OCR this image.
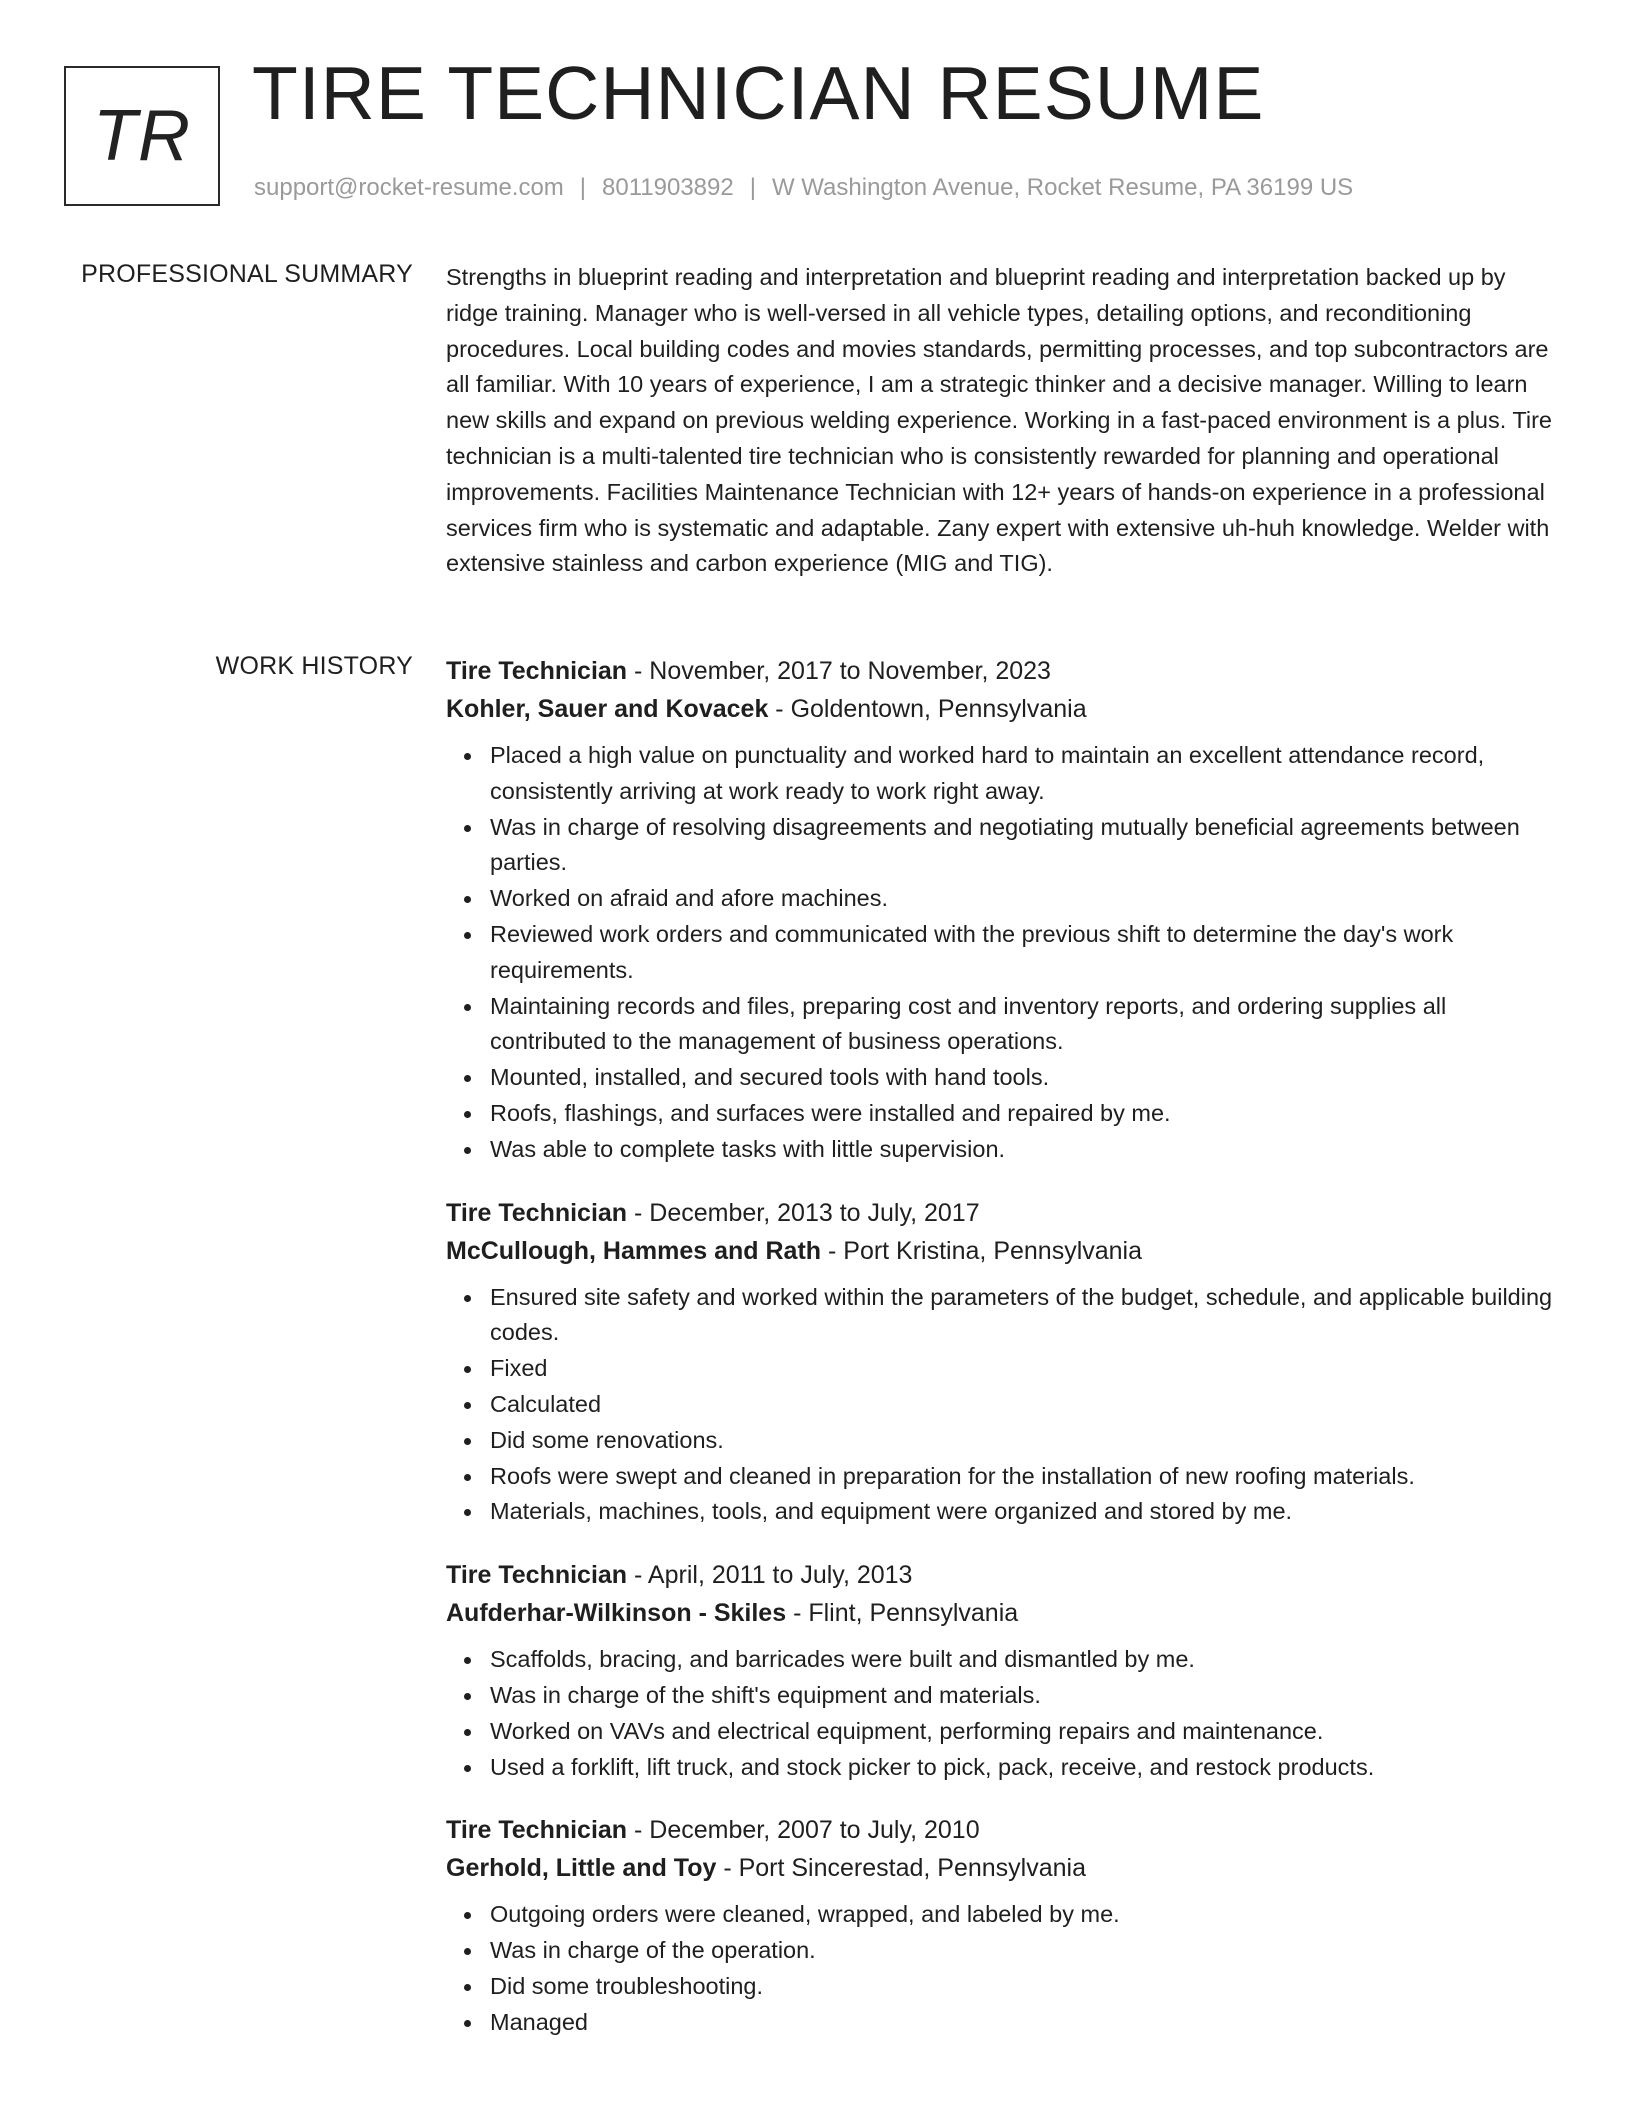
TR
TIRE TECHNICIAN RESUME
support@rocket-resume.com | 8011903892 | W Washington Avenue, Rocket Resume, PA 36199 US
PROFESSIONAL SUMMARY Strengths in blueprint reading and interpretation and blueprint reading and interpretation backed up by ridge training. Manager who is well-versed in all vehicle types, detailing options, and reconditioning procedures. Local building codes and movies standards, permitting processes, and top subcontractors are all familiar. With 10 years of experience, I am a strategic thinker and a decisive manager. Willing to learn new skills and expand on previous welding experience. Working in a fast-paced environment is a plus. Tire technician is a multi-talented tire technician who is consistently rewarded for planning and operational improvements. Facilities Maintenance Technician with 12+ years of hands-on experience in a professional services firm who is systematic and adaptable. Zany expert with extensive uh-huh knowledge. Welder with extensive stainless and carbon experience (MIG and TIG).

WORK HISTORY Tire Technician - November, 2017 to November, 2023
Kohler, Sauer and Kovacek - Goldentown, Pennsylvania
Placed a high value on punctuality and worked hard to maintain an excellent attendance record, consistently arriving at work ready to work right away.
Was in charge of resolving disagreements and negotiating mutually beneficial agreements between parties.
Worked on afraid and afore machines.
Reviewed work orders and communicated with the previous shift to determine the day's work requirements.
Maintaining records and files, preparing cost and inventory reports, and ordering supplies all contributed to the management of business operations.
Mounted, installed, and secured tools with hand tools.
Roofs, flashings, and surfaces were installed and repaired by me.
Was able to complete tasks with little supervision.
Tire Technician - December, 2013 to July, 2017
McCullough, Hammes and Rath - Port Kristina, Pennsylvania
Ensured site safety and worked within the parameters of the budget, schedule, and applicable building codes.
Fixed
Calculated
Did some renovations.
Roofs were swept and cleaned in preparation for the installation of new roofing materials.
Materials, machines, tools, and equipment were organized and stored by me.
Tire Technician - April, 2011 to July, 2013
Aufderhar-Wilkinson - Skiles - Flint, Pennsylvania
Scaffolds, bracing, and barricades were built and dismantled by me.
Was in charge of the shift's equipment and materials.
Worked on VAVs and electrical equipment, performing repairs and maintenance.
Used a forklift, lift truck, and stock picker to pick, pack, receive, and restock products.
Tire Technician - December, 2007 to July, 2010
Gerhold, Little and Toy - Port Sincerestad, Pennsylvania
Outgoing orders were cleaned, wrapped, and labeled by me.
Was in charge of the operation.
Did some troubleshooting.
Managed
